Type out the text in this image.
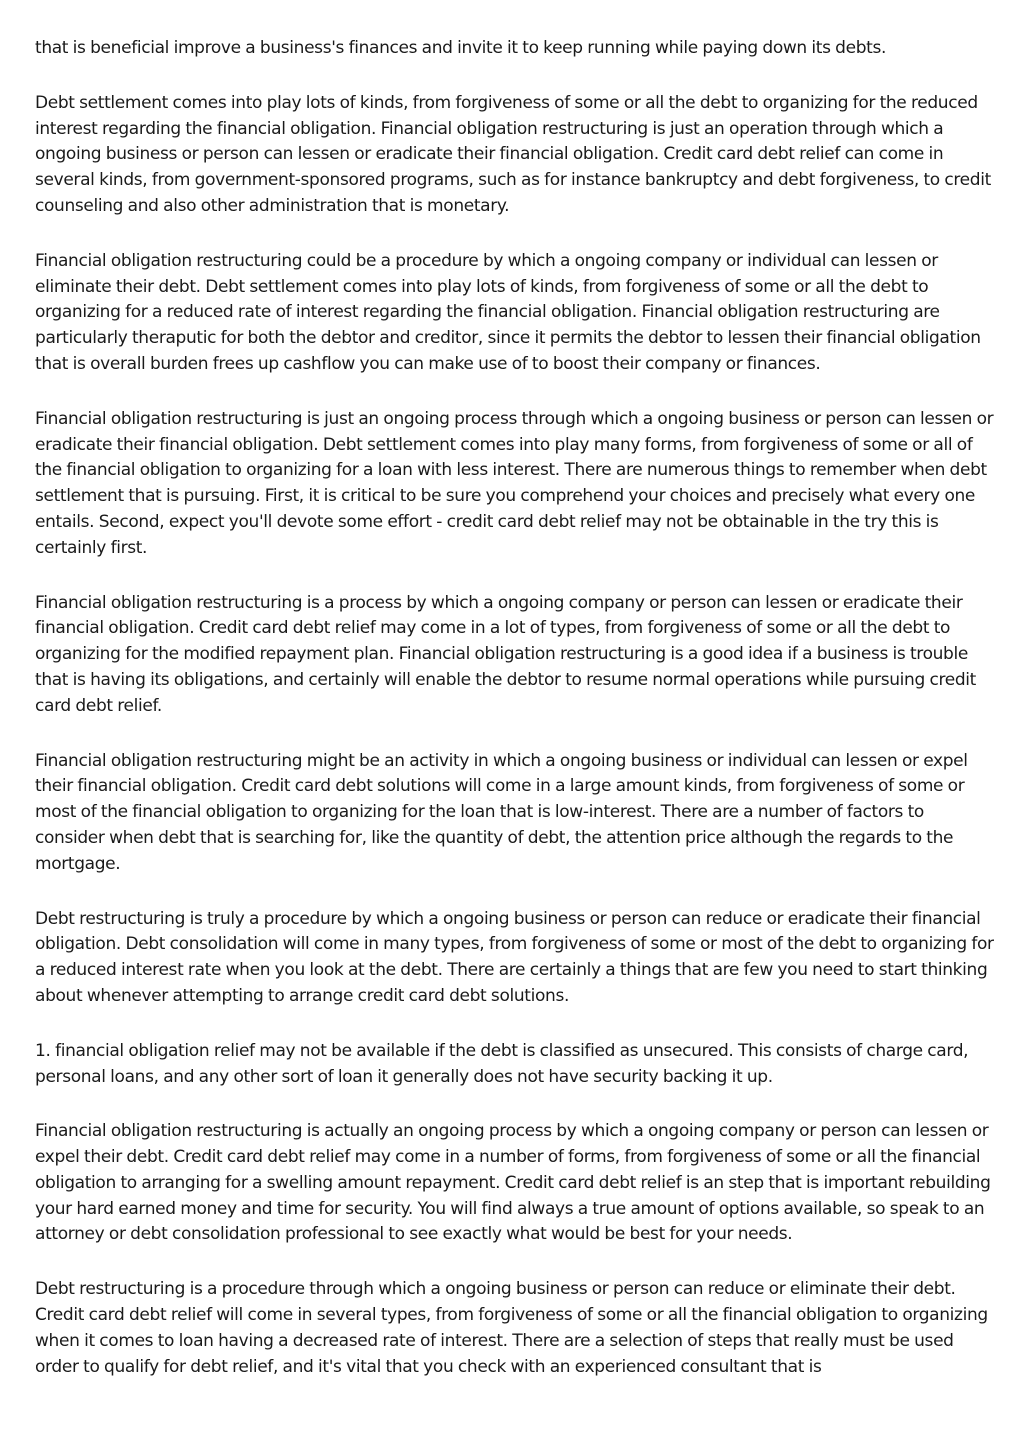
that is beneficial improve a business's finances and invite it to keep running while paying down its debts.

Debt settlement comes into play lots of kinds, from forgiveness of some or all the debt to organizing for the reduced interest regarding the financial obligation. Financial obligation restructuring is just an operation through which a ongoing business or person can lessen or eradicate their financial obligation. Credit card debt relief can come in several kinds, from government-sponsored programs, such as for instance bankruptcy and debt forgiveness, to credit counseling and also other administration that is monetary.

Financial obligation restructuring could be a procedure by which a ongoing company or individual can lessen or eliminate their debt. Debt settlement comes into play lots of kinds, from forgiveness of some or all the debt to organizing for a reduced rate of interest regarding the financial obligation. Financial obligation restructuring are particularly theraputic for both the debtor and creditor, since it permits the debtor to lessen their financial obligation that is overall burden frees up cashflow you can make use of to boost their company or finances.

Financial obligation restructuring is just an ongoing process through which a ongoing business or person can lessen or eradicate their financial obligation. Debt settlement comes into play many forms, from forgiveness of some or all of the financial obligation to organizing for a loan with less interest. There are numerous things to remember when debt settlement that is pursuing. First, it is critical to be sure you comprehend your choices and precisely what every one entails. Second, expect you'll devote some effort - credit card debt relief may not be obtainable in the try this is certainly first.

Financial obligation restructuring is a process by which a ongoing company or person can lessen or eradicate their financial obligation. Credit card debt relief may come in a lot of types, from forgiveness of some or all the debt to organizing for the modified repayment plan. Financial obligation restructuring is a good idea if a business is trouble that is having its obligations, and certainly will enable the debtor to resume normal operations while pursuing credit card debt relief.

Financial obligation restructuring might be an activity in which a ongoing business or individual can lessen or expel their financial obligation. Credit card debt solutions will come in a large amount kinds, from forgiveness of some or most of the financial obligation to organizing for the loan that is low-interest. There are a number of factors to consider when debt that is searching for, like the quantity of debt, the attention price although the regards to the mortgage.

Debt restructuring is truly a procedure by which a ongoing business or person can reduce or eradicate their financial obligation. Debt consolidation will come in many types, from forgiveness of some or most of the debt to organizing for a reduced interest rate when you look at the debt. There are certainly a things that are few you need to start thinking about whenever attempting to arrange credit card debt solutions.

1. financial obligation relief may not be available if the debt is classified as unsecured. This consists of charge card, personal loans, and any other sort of loan it generally does not have security backing it up.

Financial obligation restructuring is actually an ongoing process by which a ongoing company or person can lessen or expel their debt. Credit card debt relief may come in a number of forms, from forgiveness of some or all the financial obligation to arranging for a swelling amount repayment. Credit card debt relief is an step that is important rebuilding your hard earned money and time for security. You will find always a true amount of options available, so speak to an attorney or debt consolidation professional to see exactly what would be best for your needs.

Debt restructuring is a procedure through which a ongoing business or person can reduce or eliminate their debt. Credit card debt relief will come in several types, from forgiveness of some or all the financial obligation to organizing when it comes to loan having a decreased rate of interest. There are a selection of steps that really must be used order to qualify for debt relief, and it's vital that you check with an experienced consultant that is
